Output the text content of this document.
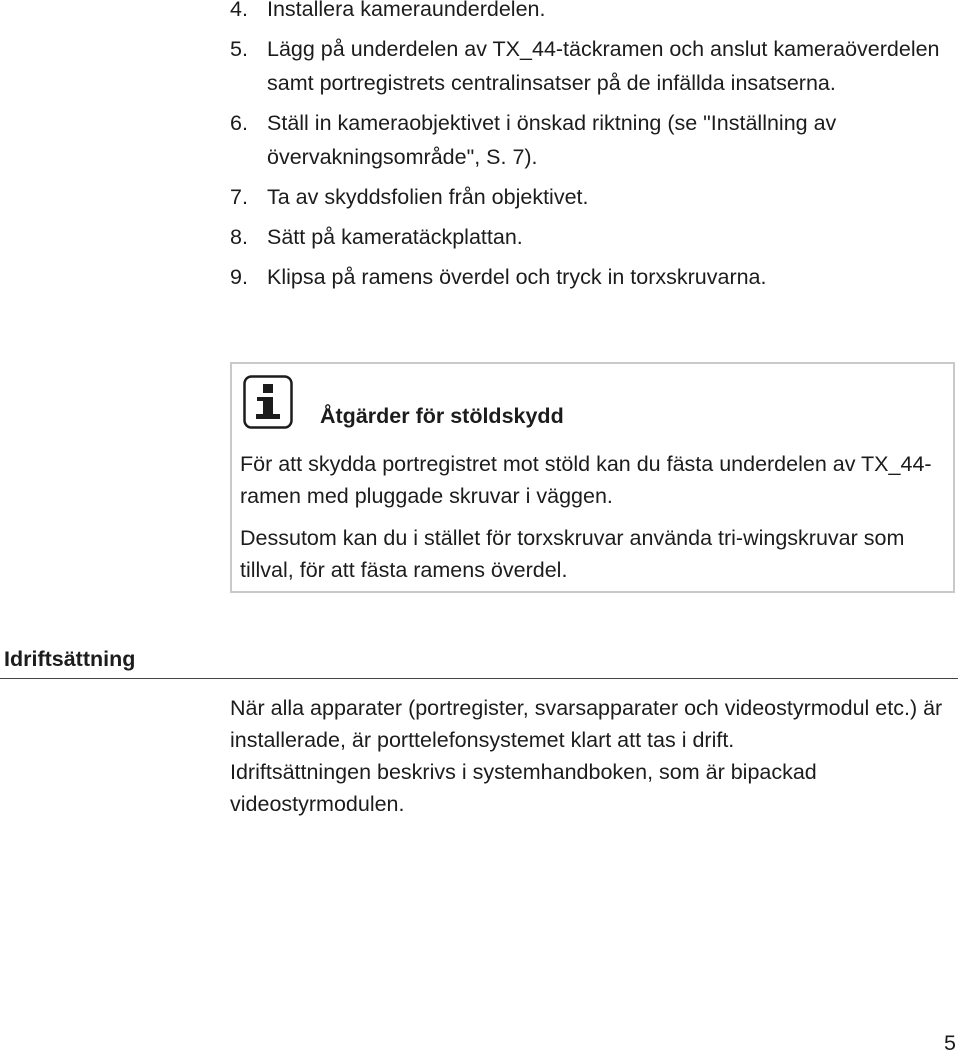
4. Installera kameraunderdelen.
5. Lägg på underdelen av TX_44-täckramen och anslut kameraöverdelen samt portregistrets centralinsatser på de infällda insatserna.
6. Ställ in kameraobjektivet i önskad riktning (se "Inställning av övervakningsområde", S. 7).
7. Ta av skyddsfolien från objektivet.
8. Sätt på kameratäckplattan.
9. Klipsa på ramens överdel och tryck in torxskruvarna.
Åtgärder för stöldskydd

För att skydda portregistret mot stöld kan du fästa underdelen av TX_44-ramen med pluggade skruvar i väggen.

Dessutom kan du i stället för torxskruvar använda tri-wingskruvar som tillval, för att fästa ramens överdel.

Idriftsättning

När alla apparater (portregister, svarsapparater och videostyrmodul etc.) är installerade, är porttelefonsystemet klart att tas i drift.

Idriftsättningen beskrivs i systemhandboken, som är bipackad videostyrmodulen.

5
